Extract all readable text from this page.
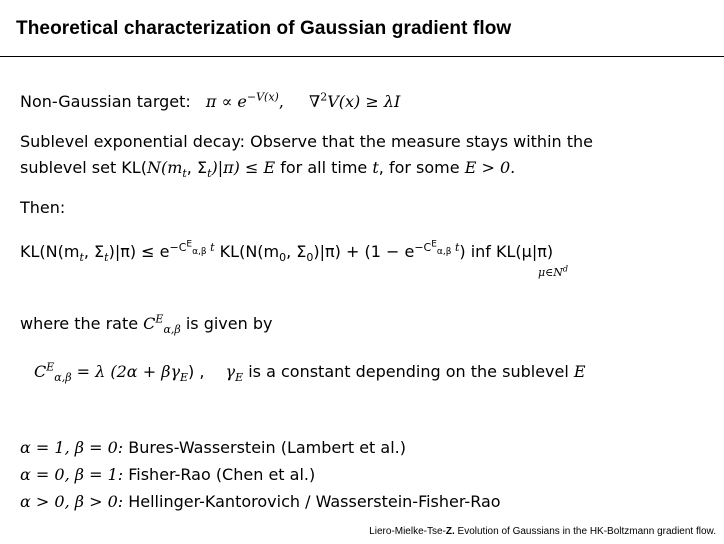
Theoretical characterization of Gaussian gradient flow
Non-Gaussian target: $\pi \propto e^{-V(x)}$, ∇$^2$V(x) ≥ λI
Sublevel exponential decay: Observe that the measure stays within the
sublevel set $KL(N(m_t$, $\Sigma_t)|\pi) \le E$ for all time t, for some E > 0.
Then:
$KL(N(m_t$, $\Sigma_t)|\pi) \le e^{-C^E_{\alpha,\beta} t}$ $KL(N(m_0$, $\Sigma_0)|\pi) + (1 - e^{-C^E_{\alpha,\beta} t})$ inf KL(μ|π)
$\mu\in N^d$
where the rate $C^E_{\alpha,\beta}$ is given by
$C^E_{\alpha,\beta} = \lambda$ $(2\alpha + \beta\gamma_E)$ , $\gamma_E$ is a constant depending on the sublevel E
α = 1, β = 0: Bures-Wasserstein (Lambert et al.)
α = 0, β = 1: Fisher-Rao (Chen et al.)
α > 0, β > 0: Hellinger-Kantorovich / Wasserstein-Fisher-Rao
Liero-Mielke-Tse-Z. Evolution of Gaussians in the HK-Boltzmann gradient flow.
